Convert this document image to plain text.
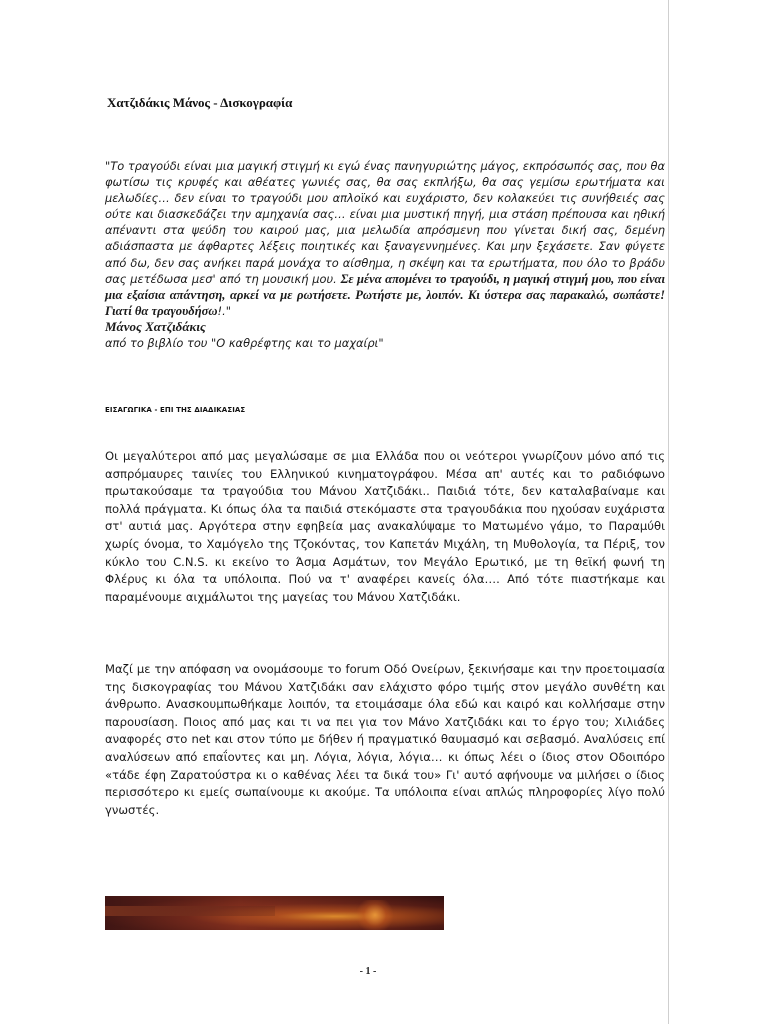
Χατζιδάκις Μάνος - Δισκογραφία
"Το τραγούδι είναι μια μαγική στιγμή κι εγώ ένας πανηγυριώτης μάγος, εκπρόσωπός σας, που θα φωτίσω τις κρυφές και αθέατες γωνιές σας, θα σας εκπλήξω, θα σας γεμίσω ερωτήματα και μελωδίες… δεν είναι το τραγούδι μου απλοϊκό και ευχάριστο, δεν κολακεύει τις συνήθειές σας ούτε και διασκεδάζει την αμηχανία σας… είναι μια μυστική πηγή, μια στάση πρέπουσα και ηθική απέναντι στα ψεύδη του καιρού μας, μια μελωδία απρόσμενη που γίνεται δική σας, δεμένη αδιάσπαστα με άφθαρτες λέξεις ποιητικές και ξαναγεννημένες. Και μην ξεχάσετε. Σαν φύγετε από δω, δεν σας ανήκει παρά μονάχα το αίσθημα, η σκέψη και τα ερωτήματα, που όλο το βράδυ σας μετέδωσα μεσ' από τη μουσική μου. Σε μένα απομένει το τραγούδι, η μαγική στιγμή μου, που είναι μια εξαίσια απάντηση, αρκεί να με ρωτήσετε. Ρωτήστε με, λοιπόν. Κι ύστερα σας παρακαλώ, σωπάστε! Γιατί θα τραγουδήσω!."
Μάνος Χατζιδάκις

από το βιβλίο του "Ο καθρέφτης και το μαχαίρι"
ΕΙΣΑΓΩΓΙΚΑ - ΕΠΙ ΤΗΣ ΔΙΑΔΙΚΑΣΙΑΣ
Οι μεγαλύτεροι από μας μεγαλώσαμε σε μια Ελλάδα που οι νεότεροι γνωρίζουν μόνο από τις ασπρόμαυρες ταινίες του Ελληνικού κινηματογράφου. Μέσα απ' αυτές και το ραδιόφωνο πρωτακούσαμε τα τραγούδια του Μάνου Χατζιδάκι.. Παιδιά τότε, δεν καταλαβαίναμε και πολλά πράγματα. Κι όπως όλα τα παιδιά στεκόμαστε στα τραγουδάκια που ηχούσαν ευχάριστα στ' αυτιά μας. Αργότερα στην εφηβεία μας ανακαλύψαμε το Ματωμένο γάμο, το Παραμύθι χωρίς όνομα, το Χαμόγελο της Τζοκόντας, τον Καπετάν Μιχάλη, τη Μυθολογία, τα Πέριξ, τον κύκλο του C.N.S. κι εκείνο το Άσμα Ασμάτων, τον Μεγάλο Ερωτικό, με τη θεϊκή φωνή τη Φλέρυς κι όλα τα υπόλοιπα. Πού να τ' αναφέρει κανείς όλα…. Από τότε πιαστήκαμε και παραμένουμε αιχμάλωτοι της μαγείας του Μάνου Χατζιδάκι.
Μαζί με την απόφαση να ονομάσουμε το forum Οδό Ονείρων, ξεκινήσαμε και την προετοιμασία της δισκογραφίας του Μάνου Χατζιδάκι σαν ελάχιστο φόρο τιμής στον μεγάλο συνθέτη και άνθρωπο. Ανασκουμπωθήκαμε λοιπόν, τα ετοιμάσαμε όλα εδώ και καιρό και κολλήσαμε στην παρουσίαση. Ποιος από μας και τι να πει για τον Μάνο Χατζιδάκι και το έργο του; Χιλιάδες αναφορές στο net και στον τύπο με δήθεν ή πραγματικό θαυμασμό και σεβασμό. Αναλύσεις επί αναλύσεων από επαΐοντες και μη. Λόγια, λόγια, λόγια… κι όπως λέει ο ίδιος στον Οδοιπόρο «τάδε έφη Ζαρατούστρα κι ο καθένας λέει τα δικά του» Γι' αυτό αφήνουμε να μιλήσει ο ίδιος περισσότερο κι εμείς σωπαίνουμε κι ακούμε. Τα υπόλοιπα είναι απλώς πληροφορίες λίγο πολύ γνωστές.
- 1 -
